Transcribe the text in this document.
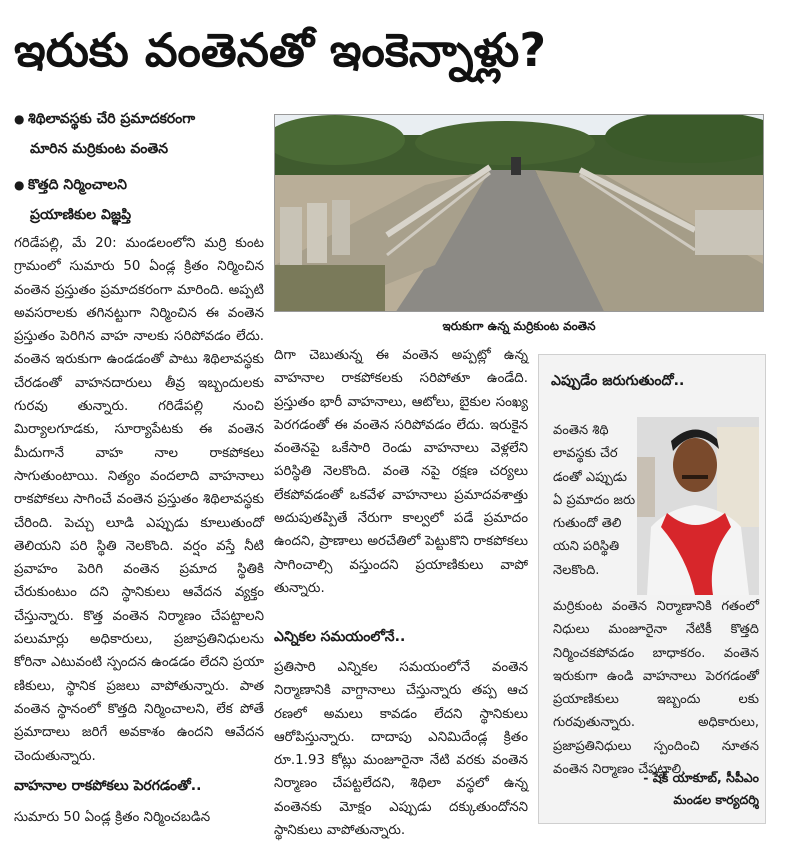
ఇరుకు వంతెనతో ఇంకెన్నాళ్లు?
● శిథిలావస్థకు చేరి ప్రమాదకరంగా
మారిన మర్రికుంట వంతెన
● కొత్తది నిర్మించాలని
ప్రయాణికుల విజ్ఞప్తి
గరిడేపల్లి, మే 20: మండలంలోని మర్రి కుంట గ్రామంలో సుమారు 50 ఏండ్ల క్రితం నిర్మించిన వంతెన ప్రస్తుతం ప్రమాదకరంగా మారింది. అప్పటి అవసరాలకు తగినట్టుగా నిర్మించిన ఈ వంతెన ప్రస్తుతం పెరిగిన వాహ నాలకు సరిపోవడం లేదు. వంతెన ఇరుకుగా ఉండడంతో పాటు శిథిలావస్థకు చేరడంతో వాహనదారులు తీవ్ర ఇబ్బందులకు గురవు తున్నారు. గరిడేపల్లి నుంచి మిర్యాలగూడకు, సూర్యాపేటకు ఈ వంతెన మీదుగానే వాహ నాల రాకపోకలు సాగుతుంటాయి. నిత్యం వందలాది వాహనాలు రాకపోకలు సాగించే వంతెన ప్రస్తుతం శిథిలావస్థకు చేరింది. పెచ్చు లూడి ఎప్పుడు కూలుతుందో తెలియని పరి స్థితి నెలకొంది. వర్షం వస్తే నీటి ప్రవాహం పెరిగి వంతెన ప్రమాద స్థితికి చేరుకుంటుం దని స్థానికులు ఆవేదన వ్యక్తం చేస్తున్నారు. కొత్త వంతెన నిర్మాణం చేపట్టాలని పలుమార్లు అధికారులు, ప్రజాప్రతినిధులను కోరినా ఎటువంటి స్పందన ఉండడం లేదని ప్రయా ణికులు, స్థానిక ప్రజలు వాపోతున్నారు. పాత వంతెన స్థానంలో కొత్తది నిర్మించాలని, లేక పోతే ప్రమాదాలు జరిగే అవకాశం ఉందని ఆవేదన చెందుతున్నారు.
వాహనాల రాకపోకలు పెరగడంతో..
సుమారు 50 ఏండ్ల క్రితం నిర్మించబడిన
ఇరుకుగా ఉన్న మర్రికుంట వంతెన
దిగా చెబుతున్న ఈ వంతెన అప్పట్లో ఉన్న వాహనాల రాకపోకలకు సరిపోతూ ఉండేది. ప్రస్తుతం భారీ వాహనాలు, ఆటోలు, బైకుల సంఖ్య పెరగడంతో ఈ వంతెన సరిపోవడం లేదు. ఇరుకైన వంతెనపై ఒకేసారి రెండు వాహనాలు వెళ్లలేని పరిస్థితి నెలకొంది. వంతె నపై రక్షణ చర్యలు లేకపోవడంతో ఒకవేళ వాహనాలు ప్రమాదవశాత్తు అదుపుతప్పితే నేరుగా కాల్వలో పడే ప్రమాదం ఉందని, ప్రాణాలు అరచేతిలో పెట్టుకొని రాకపోకలు సాగించాల్సి వస్తుందని ప్రయాణికులు వాపో తున్నారు.
ఎన్నికల సమయంలోనే..
ప్రతిసారి ఎన్నికల సమయంలోనే వంతెన నిర్మాణానికి వాగ్దానాలు చేస్తున్నారు తప్ప ఆచ రణలో అమలు కావడం లేదని స్థానికులు ఆరోపిస్తున్నారు. దాదాపు ఎనిమిదేండ్ల క్రితం రూ.1.93 కోట్లు మంజూరైనా నేటి వరకు వంతెన నిర్మాణం చేపట్టలేదని, శిథిలా వస్థలో ఉన్న వంతెనకు మోక్షం ఎప్పుడు దక్కుతుందోనని స్థానికులు వాపోతున్నారు.
ఎప్పుడేం జరుగుతుందో..
వంతెన శిథి లావస్థకు చేర డంతో ఎప్పుడు ఏ ప్రమాదం జరు గుతుందో తెలి యని పరిస్థితి నెలకొంది.
మర్రికుంట వంతెన నిర్మాణానికి గతంలో నిధులు మంజూరైనా నేటికీ కొత్తది నిర్మించకపోవడం బాధాకరం. వంతెన ఇరుకుగా ఉండి వాహనాలు పెరగడంతో ప్రయాణికులు ఇబ్బందు లకు గురవుతున్నారు. అధికారులు, ప్రజాప్రతినిధులు స్పందించి నూతన వంతెన నిర్మాణం చేపట్టాలి.
- షేక్ యాకూబ్, సీపీఎం
మండల కార్యదర్శి
